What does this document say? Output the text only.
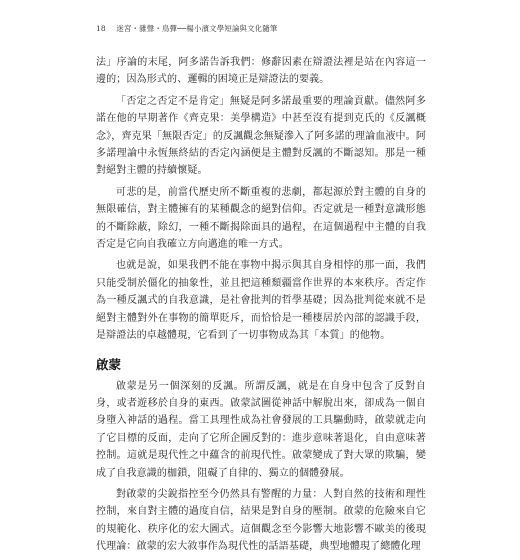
18 迷宮・雜聲・鳥彈──楊小濱文學短論與文化隨筆

法」序論的末尾，阿多諾告訴我們：修辭因素在辯證法裡是站在內容這一邊的；因為形式的、邏輯的困境正是辯證法的要義。

「否定之否定不是肯定」無疑是阿多諾最重要的理論貢獻。儘然阿多諾在他的早期著作《齊克果：美學構造》中甚至沒有提到克氏的《反諷概念》，齊克果「無限否定」的反諷觀念無疑滲入了阿多諾的理論血液中。阿多諾理論中永恆無終結的否定內涵便是主體對反諷的不斷認知。那是一種對絕對主體的持續懷疑。

可悲的是，前當代歷史所不斷重複的悲劇，都起源於對主體的自身的無限確信，對主體擁有的某種觀念的絕對信仰。否定就是一種對意識形態的不斷除蔽，除幻，一種不斷揭除面具的過程，在這個過程中主體的自我否定是它向自我確立方向邁進的唯一方式。

也就是說，如果我們不能在事物中揭示與其自身相悖的那一面，我們只能受制於僵化的抽象性，並且把這種頹疆當作世界的本來秩序。否定作為一種反諷式的自我意識，是社會批判的哲學基礎；因為批判從來就不是絕對主體對外在事物的簡單貶斥，而恰恰是一種棲居於內部的認識手段，是辯證法的卓越體現，它看到了一切事物成為其「本質」的他物。

啟蒙

啟蒙是另一個深刻的反諷。所謂反諷，就是在自身中包含了反對自身，或者遊移於自身的東西。啟蒙試圖從神話中解脫出來，卻成為一個自身墮入神話的過程。當工具理性成為社會發展的工具驅動時，啟蒙就走向了它目標的反面，走向了它所企圖反對的：進步意味著退化，自由意味著控制。這就是現代性之中蘊含的前現代性。啟蒙變成了對大眾的欺騙，變成了自我意識的枷鎖，阻礙了自律的、獨立的個體發展。

對啟蒙的尖銳指控至今仍然具有警醒的力量：人對自然的技術和理性控制，來自對主體的過度自信，結果是對自身的壓制。啟蒙的危險來自它的規範化、秩序化的宏大圖式。這個觀念至今影響大地影響不歐美的後現代理論：啟蒙的宏大敘事作為現代性的話語基礎，典型地體現了總體化理
